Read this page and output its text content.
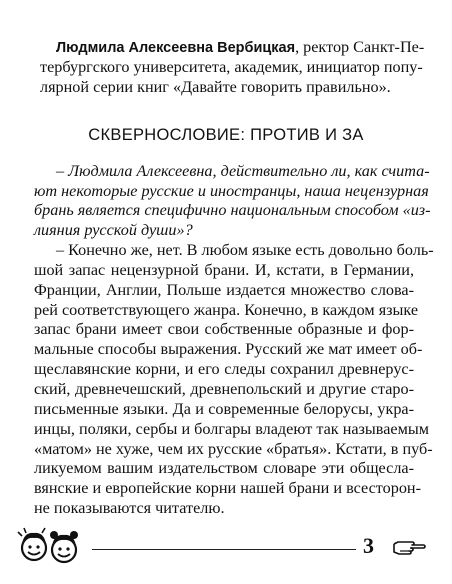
Людмила Алексеевна Вербицкая, ректор Санкт-Пе-
тербургского университета, академик, инициатор попу-
лярной серии книг «Давайте говорить правильно».
СКВЕРНОСЛОВИЕ: ПРОТИВ И ЗА
– Людмила Алексеевна, действительно ли, как счита-
ют некоторые русские и иностранцы, наша нецензурная
брань является специфично национальным способом «из-
лияния русской души»?
– Конечно же, нет. В любом языке есть довольно боль-
шой запас нецензурной брани. И, кстати, в Германии,
Франции, Англии, Польше издается множество слова-
рей соответствующего жанра. Конечно, в каждом языке
запас брани имеет свои собственные образные и фор-
мальные способы выражения. Русский же мат имеет об-
щеславянские корни, и его следы сохранил древнерус-
ский, древнечешский, древнепольский и другие старо-
письменные языки. Да и современные белорусы, укра-
инцы, поляки, сербы и болгары владеют так называемым
«матом» не хуже, чем их русские «братья». Кстати, в пуб-
ликуемом вашим издательством словаре эти общесла-
вянские и европейские корни нашей брани и всесторон-
не показываются читателю.
3
